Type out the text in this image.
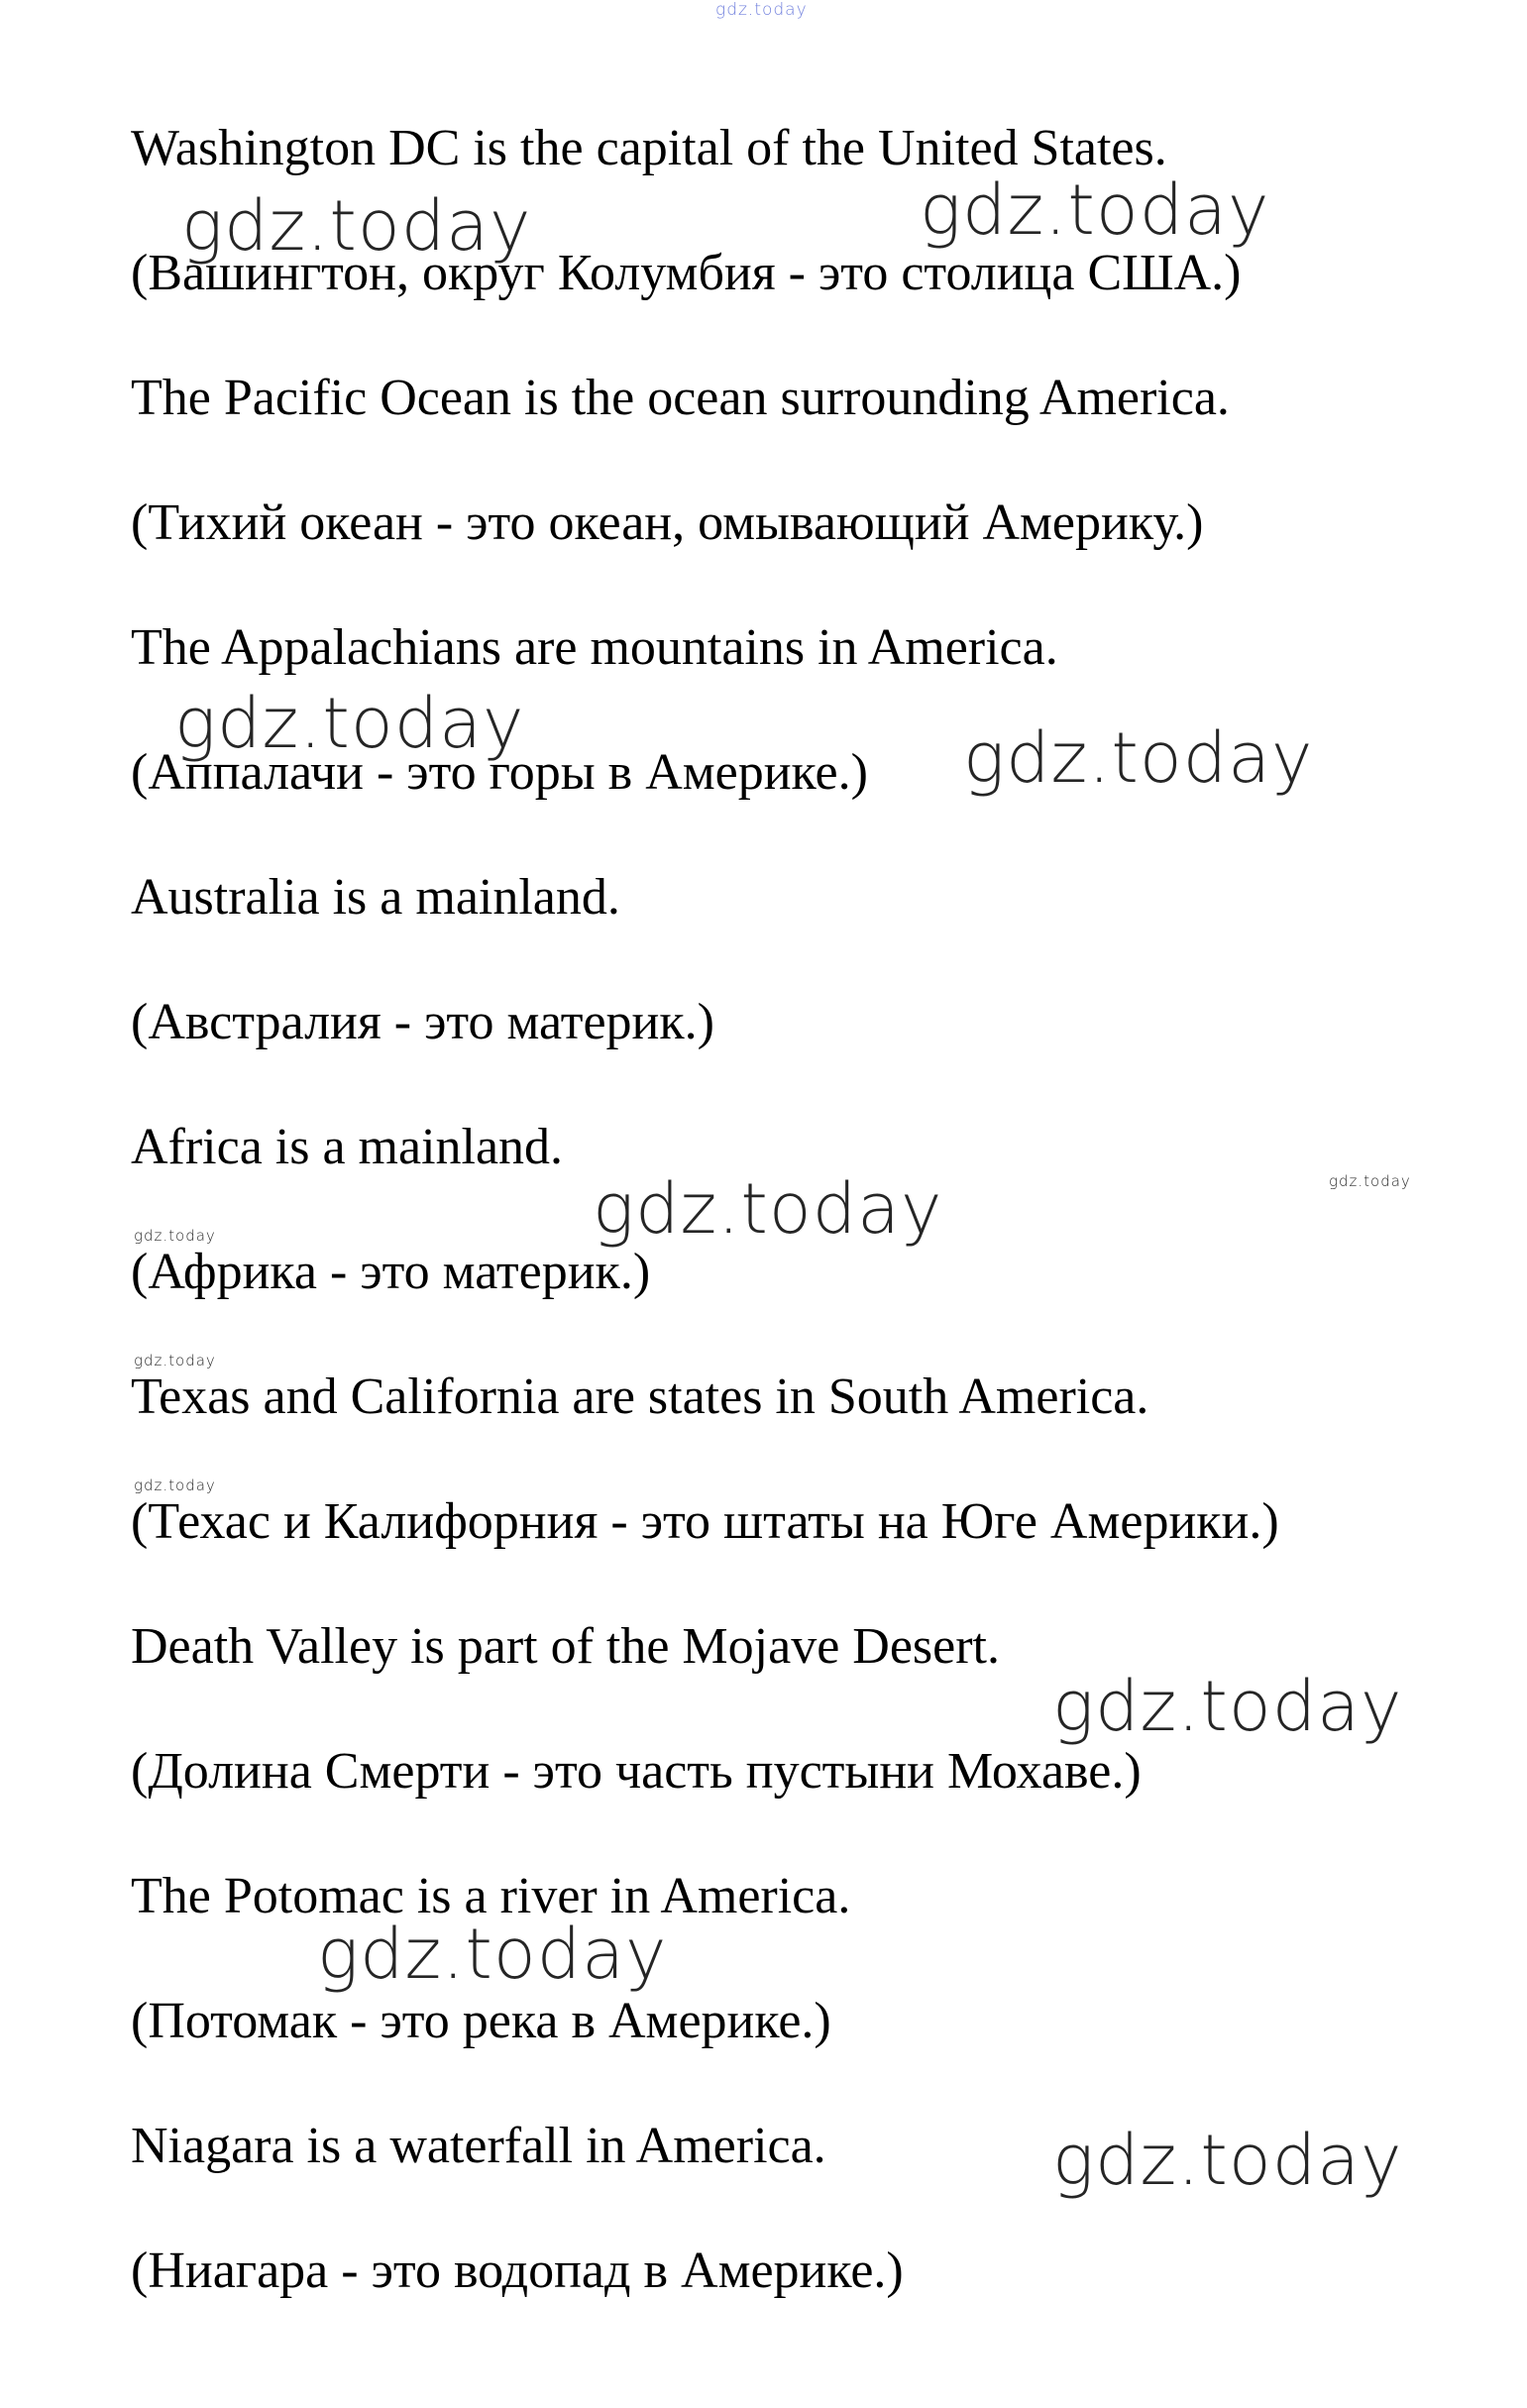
Washington DC is the capital of the United States.
(Вашингтон, округ Колумбия - это столица США.)
The Pacific Ocean is the ocean surrounding America.
(Тихий океан - это океан, омывающий Америку.)
The Appalachians are mountains in America.
(Аппалачи - это горы в Америке.)
Australia is a mainland.
(Австралия - это материк.)
Africa is a mainland.
(Африка - это материк.)
Texas and California are states in South America.
(Техас и Калифорния - это штаты на Юге Америки.)
Death Valley is part of the Mojave Desert.
(Долина Смерти - это часть пустыни Мохаве.)
The Potomac is a river in America.
(Потомак - это река в Америке.)
Niagara is a waterfall in America.
(Ниагара - это водопад в Америке.)
gdz.today
gdz.today	gdz.today
gdz.today	gdz.today
gdz.today	gdz.today
gdz.today
gdz.today
gdz.today
gdz.today
gdz.today
gdz.today
